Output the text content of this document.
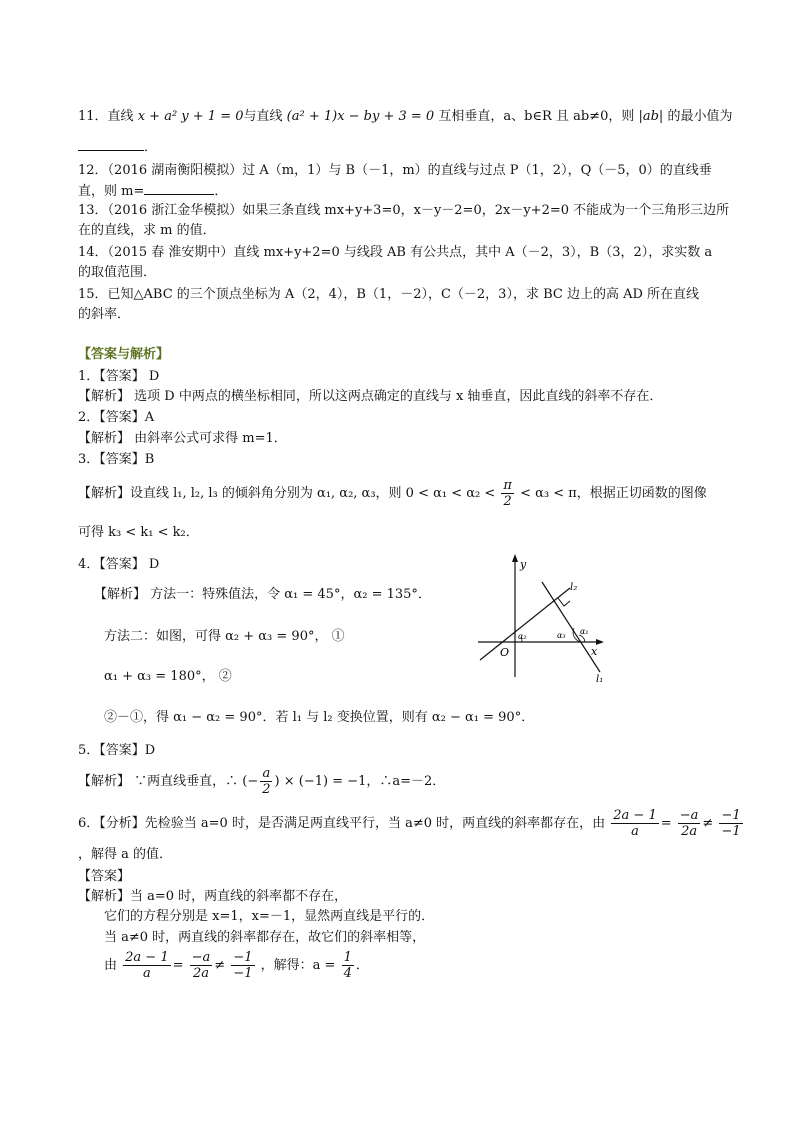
11．直线 x + a² y + 1 = 0与直线 (a² + 1)x − by + 3 = 0 互相垂直，a、b∈R 且 ab≠0，则 |ab| 的最小值为
．
12．（2016 湖南衡阳模拟）过 A（m，1）与 B（－1，m）的直线与过点 P（1，2），Q（－5，0）的直线垂
直，则 m=	．
13．（2016 浙江金华模拟）如果三条直线 mx+y+3=0，x－y－2=0，2x－y+2=0 不能成为一个三角形三边所
在的直线，求 m 的值．
14．（2015 春 淮安期中）直线 mx+y+2=0 与线段 AB 有公共点，其中 A（－2，3），B（3，2），求实数 a
的取值范围．
15．已知△ABC 的三个顶点坐标为 A（2，4），B（1，－2），C（－2，3），求 BC 边上的高 AD 所在直线
的斜率．
【答案与解析】
1．【答案】 D
【解析】 选项 D 中两点的横坐标相同，所以这两点确定的直线与 x 轴垂直，因此直线的斜率不存在．
2．【答案】A
【解析】 由斜率公式可求得 m=1．
3．【答案】B
【解析】设直线 l₁, l₂, l₃ 的倾斜角分别为 α₁, α₂, α₃，则 $0 < \alpha_1 < \alpha_2 < \frac{\pi}{2} < \alpha_3 < \pi$，根据正切函数的图像
可得 k₃ < k₁ < k₂．
4．【答案】 D
【解析】 方法一：特殊值法，令 α₁ = 45°，α₂ = 135°．
方法二：如图，可得 α₂ + α₃ = 90°， ①
α₁ + α₃ = 180°， ②
②－①，得 α₁ − α₂ = 90°．若 l₁ 与 l₂ 变换位置，则有 α₂ − α₁ = 90°．
y
x
O
l₂
l₁
α₂	α₃ α₁
5．【答案】D
【解析】 ∵两直线垂直，∴ (− $\frac{a}{2}$ ) × (−1) = −1，∴a=－2．
6．【分析】先检验当 a=0 时，是否满足两直线平行，当 a≠0 时，两直线的斜率都存在，由 $\frac{2a - 1}{a} = \frac{-a}{2a} \ne \frac{-1}{-1}$
，解得 a 的值．
【答案】
【解析】当 a=0 时，两直线的斜率都不存在，
它们的方程分别是 x=1，x=－1，显然两直线是平行的．
当 a≠0 时，两直线的斜率都存在，故它们的斜率相等，
由 $\frac{2a - 1}{a} = \frac{-a}{2a} \ne \frac{-1}{-1}$ ，解得：$a = \frac{1}{4}$ ．
